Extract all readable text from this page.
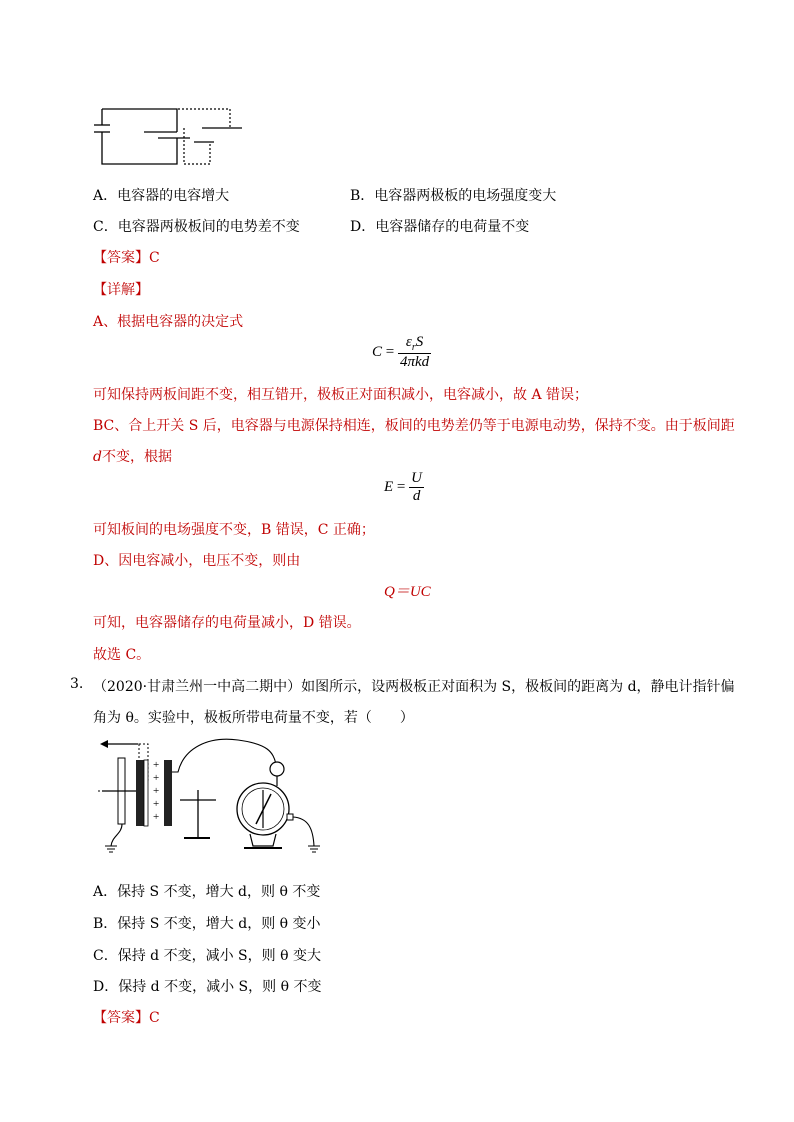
A．电容器的电容增大	B．电容器两极板的电场强度变大
C．电容器两极板间的电势差不变	D．电容器储存的电荷量不变
【答案】C
【详解】
A、根据电容器的决定式
$C = \frac{\varepsilon_rS}{\text{4πkd}}$
可知保持两板间距不变，相互错开，极板正对面积减小，电容减小，故 A 错误；
BC、合上开关 S 后，电容器与电源保持相连，板间的电势差仍等于电源电动势，保持不变。由于板间距
d不变，根据
$E = \frac{U}{d}$
可知板间的电场强度不变，B 错误，C 正确；
D、因电容减小，电压不变，则由
Q＝UC
可知，电容器储存的电荷量减小，D 错误。
故选 C。
3. （2020·甘肃兰州一中高二期中）如图所示，设两极板正对面积为 S，极板间的距离为 d，静电计指针偏
角为 θ。实验中，极板所带电荷量不变，若（　　）
+
+
+
+
+
A．保持 S 不变，增大 d，则 θ 不变
B．保持 S 不变，增大 d，则 θ 变小
C．保持 d 不变，减小 S，则 θ 变大
D．保持 d 不变，减小 S，则 θ 不变
【答案】C
